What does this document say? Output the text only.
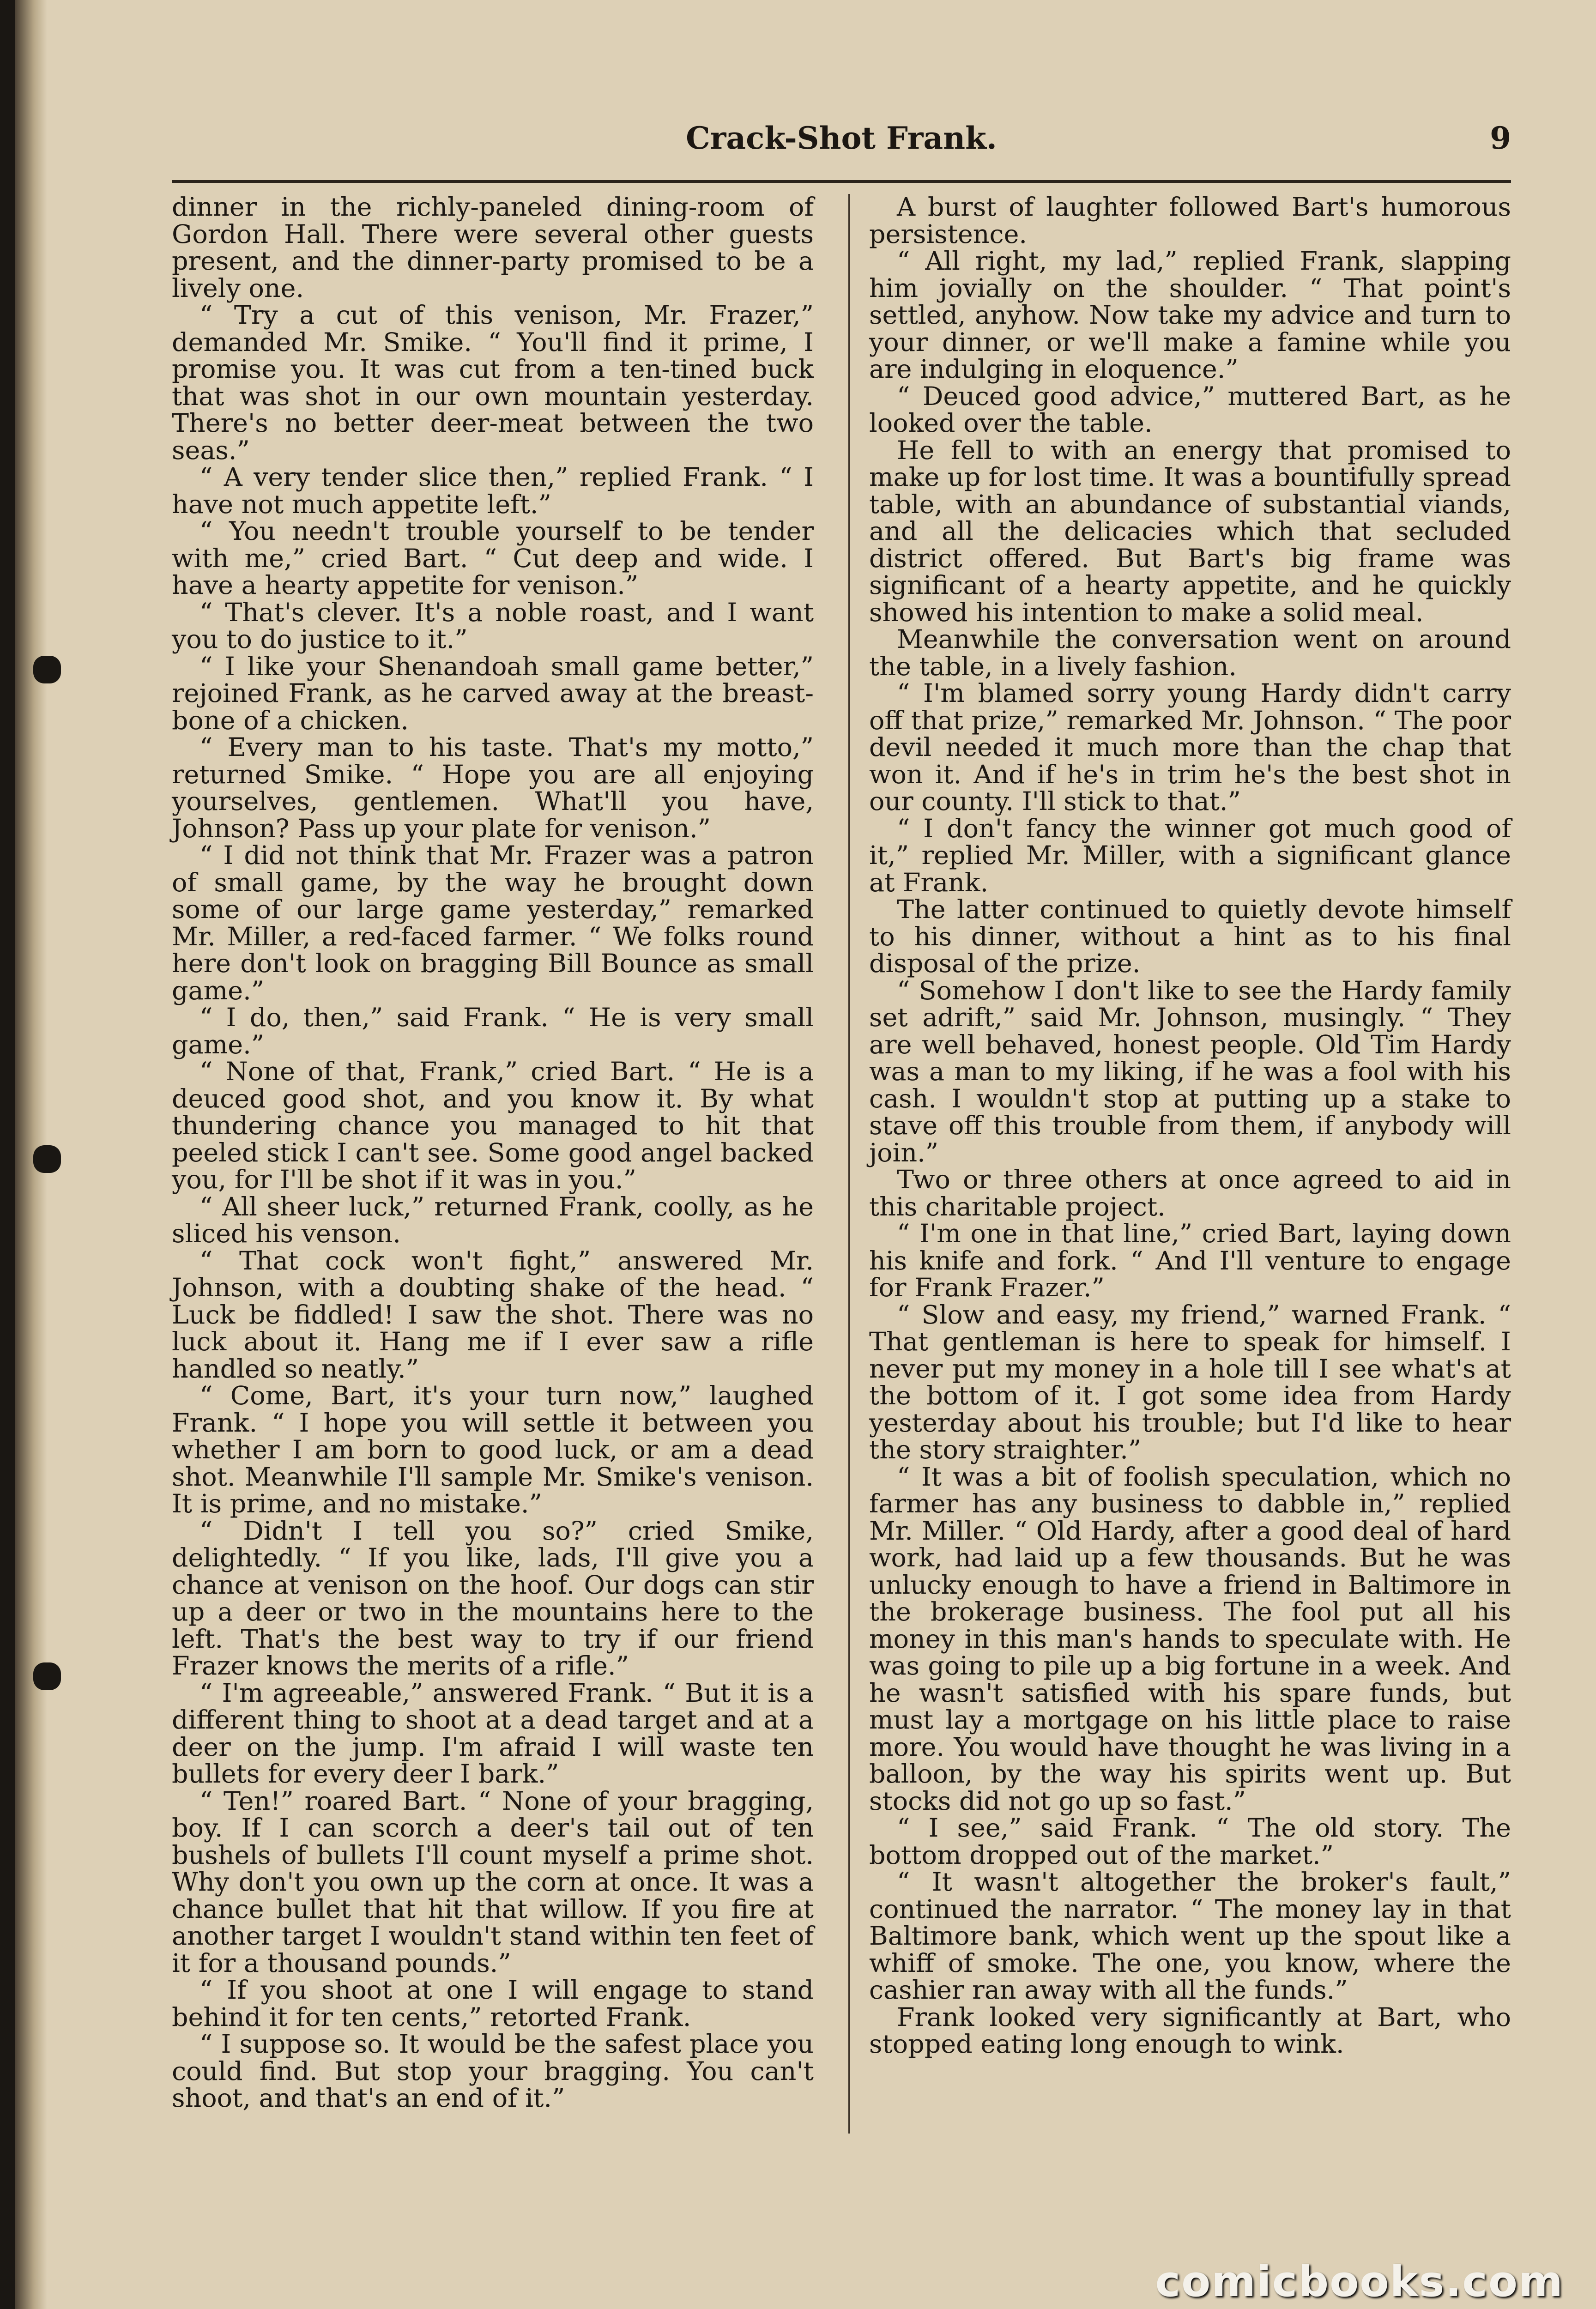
Crack-Shot Frank.	9

dinner in the richly-paneled dining-room of Gordon Hall. There were several other guests present, and the dinner-party promised to be a lively one.

“ Try a cut of this venison, Mr. Frazer,” demanded Mr. Smike. “ You'll find it prime, I promise you. It was cut from a ten-tined buck that was shot in our own mountain yesterday. There's no better deer-meat between the two seas.”

“ A very tender slice then,” replied Frank. “ I have not much appetite left.”

“ You needn't trouble yourself to be tender with me,” cried Bart. “ Cut deep and wide. I have a hearty appetite for venison.”

“ That's clever. It's a noble roast, and I want you to do justice to it.”

“ I like your Shenandoah small game better,” rejoined Frank, as he carved away at the breast-bone of a chicken.

“ Every man to his taste. That's my motto,” returned Smike. “ Hope you are all enjoying yourselves, gentlemen. What'll you have, Johnson? Pass up your plate for venison.”

“ I did not think that Mr. Frazer was a patron of small game, by the way he brought down some of our large game yesterday,” remarked Mr. Miller, a red-faced farmer. “ We folks round here don't look on bragging Bill Bounce as small game.”

“ I do, then,” said Frank. “ He is very small game.”

“ None of that, Frank,” cried Bart. “ He is a deuced good shot, and you know it. By what thundering chance you managed to hit that peeled stick I can't see. Some good angel backed you, for I'll be shot if it was in you.”

“ All sheer luck,” returned Frank, coolly, as he sliced his venson.

“ That cock won't fight,” answered Mr. Johnson, with a doubting shake of the head. “ Luck be fiddled! I saw the shot. There was no luck about it. Hang me if I ever saw a rifle handled so neatly.”

“ Come, Bart, it's your turn now,” laughed Frank. “ I hope you will settle it between you whether I am born to good luck, or am a dead shot. Meanwhile I'll sample Mr. Smike's venison. It is prime, and no mistake.”

“ Didn't I tell you so?” cried Smike, delightedly. “ If you like, lads, I'll give you a chance at venison on the hoof. Our dogs can stir up a deer or two in the mountains here to the left. That's the best way to try if our friend Frazer knows the merits of a rifle.”

“ I'm agreeable,” answered Frank. “ But it is a different thing to shoot at a dead target and at a deer on the jump. I'm afraid I will waste ten bullets for every deer I bark.”

“ Ten!” roared Bart. “ None of your bragging, boy. If I can scorch a deer's tail out of ten bushels of bullets I'll count myself a prime shot. Why don't you own up the corn at once. It was a chance bullet that hit that willow. If you fire at another target I wouldn't stand within ten feet of it for a thousand pounds.”

“ If you shoot at one I will engage to stand behind it for ten cents,” retorted Frank.

“ I suppose so. It would be the safest place you could find. But stop your bragging. You can't shoot, and that's an end of it.”

A burst of laughter followed Bart's humorous persistence.

“ All right, my lad,” replied Frank, slapping him jovially on the shoulder. “ That point's settled, anyhow. Now take my advice and turn to your dinner, or we'll make a famine while you are indulging in eloquence.”

“ Deuced good advice,” muttered Bart, as he looked over the table.

He fell to with an energy that promised to make up for lost time. It was a bountifully spread table, with an abundance of substantial viands, and all the delicacies which that secluded district offered. But Bart's big frame was significant of a hearty appetite, and he quickly showed his intention to make a solid meal.

Meanwhile the conversation went on around the table, in a lively fashion.

“ I'm blamed sorry young Hardy didn't carry off that prize,” remarked Mr. Johnson. “ The poor devil needed it much more than the chap that won it. And if he's in trim he's the best shot in our county. I'll stick to that.”

“ I don't fancy the winner got much good of it,” replied Mr. Miller, with a significant glance at Frank.

The latter continued to quietly devote himself to his dinner, without a hint as to his final disposal of the prize.

“ Somehow I don't like to see the Hardy family set adrift,” said Mr. Johnson, musingly. “ They are well behaved, honest people. Old Tim Hardy was a man to my liking, if he was a fool with his cash. I wouldn't stop at putting up a stake to stave off this trouble from them, if anybody will join.”

Two or three others at once agreed to aid in this charitable project.

“ I'm one in that line,” cried Bart, laying down his knife and fork. “ And I'll venture to engage for Frank Frazer.”

“ Slow and easy, my friend,” warned Frank. “ That gentleman is here to speak for himself. I never put my money in a hole till I see what's at the bottom of it. I got some idea from Hardy yesterday about his trouble; but I'd like to hear the story straighter.”

“ It was a bit of foolish speculation, which no farmer has any business to dabble in,” replied Mr. Miller. “ Old Hardy, after a good deal of hard work, had laid up a few thousands. But he was unlucky enough to have a friend in Baltimore in the brokerage business. The fool put all his money in this man's hands to speculate with. He was going to pile up a big fortune in a week. And he wasn't satisfied with his spare funds, but must lay a mortgage on his little place to raise more. You would have thought he was living in a balloon, by the way his spirits went up. But stocks did not go up so fast.”

“ I see,” said Frank. “ The old story. The bottom dropped out of the market.”

“ It wasn't altogether the broker's fault,” continued the narrator. “ The money lay in that Baltimore bank, which went up the spout like a whiff of smoke. The one, you know, where the cashier ran away with all the funds.”

Frank looked very significantly at Bart, who stopped eating long enough to wink.

comicbooks.com
